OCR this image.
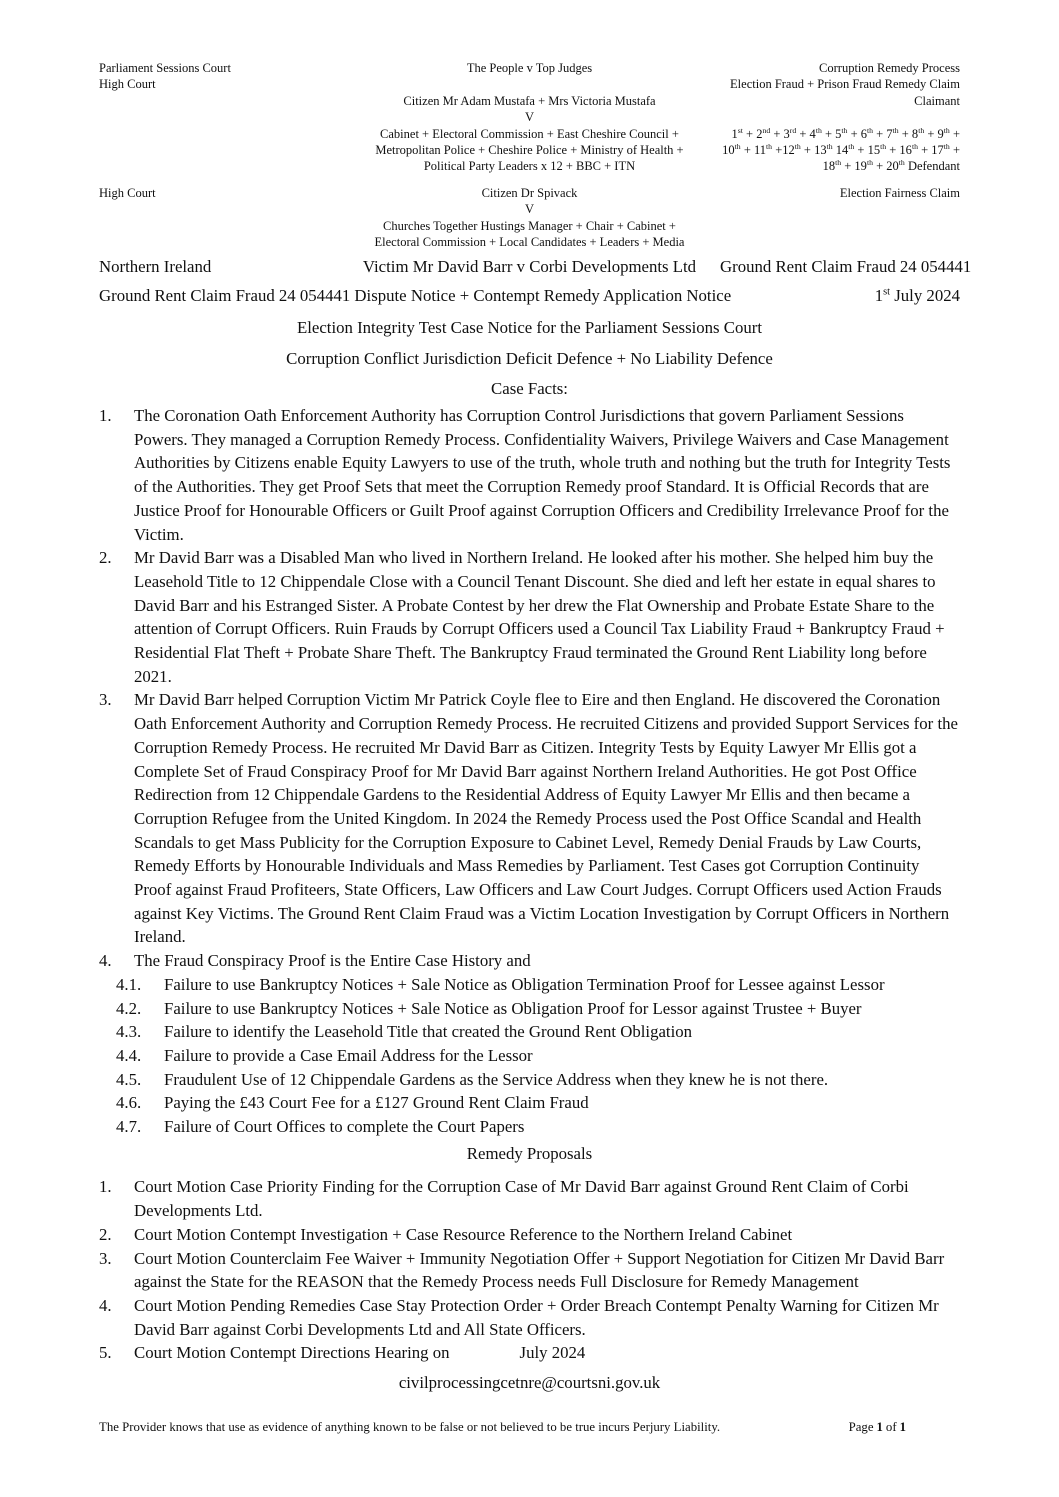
Parliament Sessions Court	The People v Top Judges	Corruption Remedy Process
High Court	Election Fraud + Prison Fraud Remedy Claim
Citizen Mr Adam Mustafa + Mrs Victoria Mustafa	Claimant
V
Cabinet + Electoral Commission + East Cheshire Council +	1st + 2nd + 3rd + 4th + 5th + 6th + 7th + 8th + 9th +
Metropolitan Police + Cheshire Police + Ministry of Health +	10th + 11th +12th + 13th 14th + 15th + 16th + 17th +
Political Party Leaders x 12 + BBC + ITN	18th + 19th + 20th Defendant
High Court	Citizen Dr Spivack	Election Fairness Claim
V
Churches Together Hustings Manager + Chair + Cabinet +
Electoral Commission + Local Candidates + Leaders + Media
Northern Ireland	Victim Mr David Barr v Corbi Developments Ltd	Ground Rent Claim Fraud 24 054441
Ground Rent Claim Fraud 24 054441 Dispute Notice + Contempt Remedy Application Notice	1st July 2024
Election Integrity Test Case Notice for the Parliament Sessions Court
Corruption Conflict Jurisdiction Deficit Defence + No Liability Defence
Case Facts:
1.	The Coronation Oath Enforcement Authority has Corruption Control Jurisdictions that govern Parliament Sessions Powers. They managed a Corruption Remedy Process. Confidentiality Waivers, Privilege Waivers and Case Management Authorities by Citizens enable Equity Lawyers to use of the truth, whole truth and nothing but the truth for Integrity Tests of the Authorities. They get Proof Sets that meet the Corruption Remedy proof Standard. It is Official Records that are Justice Proof for Honourable Officers or Guilt Proof against Corruption Officers and Credibility Irrelevance Proof for the Victim.
2.	Mr David Barr was a Disabled Man who lived in Northern Ireland. He looked after his mother. She helped him buy the Leasehold Title to 12 Chippendale Close with a Council Tenant Discount. She died and left her estate in equal shares to David Barr and his Estranged Sister. A Probate Contest by her drew the Flat Ownership and Probate Estate Share to the attention of Corrupt Officers. Ruin Frauds by Corrupt Officers used a Council Tax Liability Fraud + Bankruptcy Fraud + Residential Flat Theft + Probate Share Theft. The Bankruptcy Fraud terminated the Ground Rent Liability long before 2021.
3.	Mr David Barr helped Corruption Victim Mr Patrick Coyle flee to Eire and then England. He discovered the Coronation Oath Enforcement Authority and Corruption Remedy Process. He recruited Citizens and provided Support Services for the Corruption Remedy Process. He recruited Mr David Barr as Citizen. Integrity Tests by Equity Lawyer Mr Ellis got a Complete Set of Fraud Conspiracy Proof for Mr David Barr against Northern Ireland Authorities. He got Post Office Redirection from 12 Chippendale Gardens to the Residential Address of Equity Lawyer Mr Ellis and then became a Corruption Refugee from the United Kingdom. In 2024 the Remedy Process used the Post Office Scandal and Health Scandals to get Mass Publicity for the Corruption Exposure to Cabinet Level, Remedy Denial Frauds by Law Courts, Remedy Efforts by Honourable Individuals and Mass Remedies by Parliament. Test Cases got Corruption Continuity Proof against Fraud Profiteers, State Officers, Law Officers and Law Court Judges. Corrupt Officers used Action Frauds against Key Victims. The Ground Rent Claim Fraud was a Victim Location Investigation by Corrupt Officers in Northern Ireland.
4.	The Fraud Conspiracy Proof is the Entire Case History and
4.1.	Failure to use Bankruptcy Notices + Sale Notice as Obligation Termination Proof for Lessee against Lessor
4.2.	Failure to use Bankruptcy Notices + Sale Notice as Obligation Proof for Lessor against Trustee + Buyer
4.3.	Failure to identify the Leasehold Title that created the Ground Rent Obligation
4.4.	Failure to provide a Case Email Address for the Lessor
4.5.	Fraudulent Use of 12 Chippendale Gardens as the Service Address when they knew he is not there.
4.6.	Paying the £43 Court Fee for a £127 Ground Rent Claim Fraud
4.7.	Failure of Court Offices to complete the Court Papers
Remedy Proposals
1.	Court Motion Case Priority Finding for the Corruption Case of Mr David Barr against Ground Rent Claim of Corbi Developments Ltd.
2.	Court Motion Contempt Investigation + Case Resource Reference to the Northern Ireland Cabinet
3.	Court Motion Counterclaim Fee Waiver + Immunity Negotiation Offer + Support Negotiation for Citizen Mr David Barr against the State for the REASON that the Remedy Process needs Full Disclosure for Remedy Management
4.	Court Motion Pending Remedies Case Stay Protection Order + Order Breach Contempt Penalty Warning for Citizen Mr David Barr against Corbi Developments Ltd and All State Officers.
5.	Court Motion Contempt Directions Hearing on	July 2024
civilprocessingcetnre@courtsni.gov.uk
The Provider knows that use as evidence of anything known to be false or not believed to be true incurs Perjury Liability.	Page 1 of 1
